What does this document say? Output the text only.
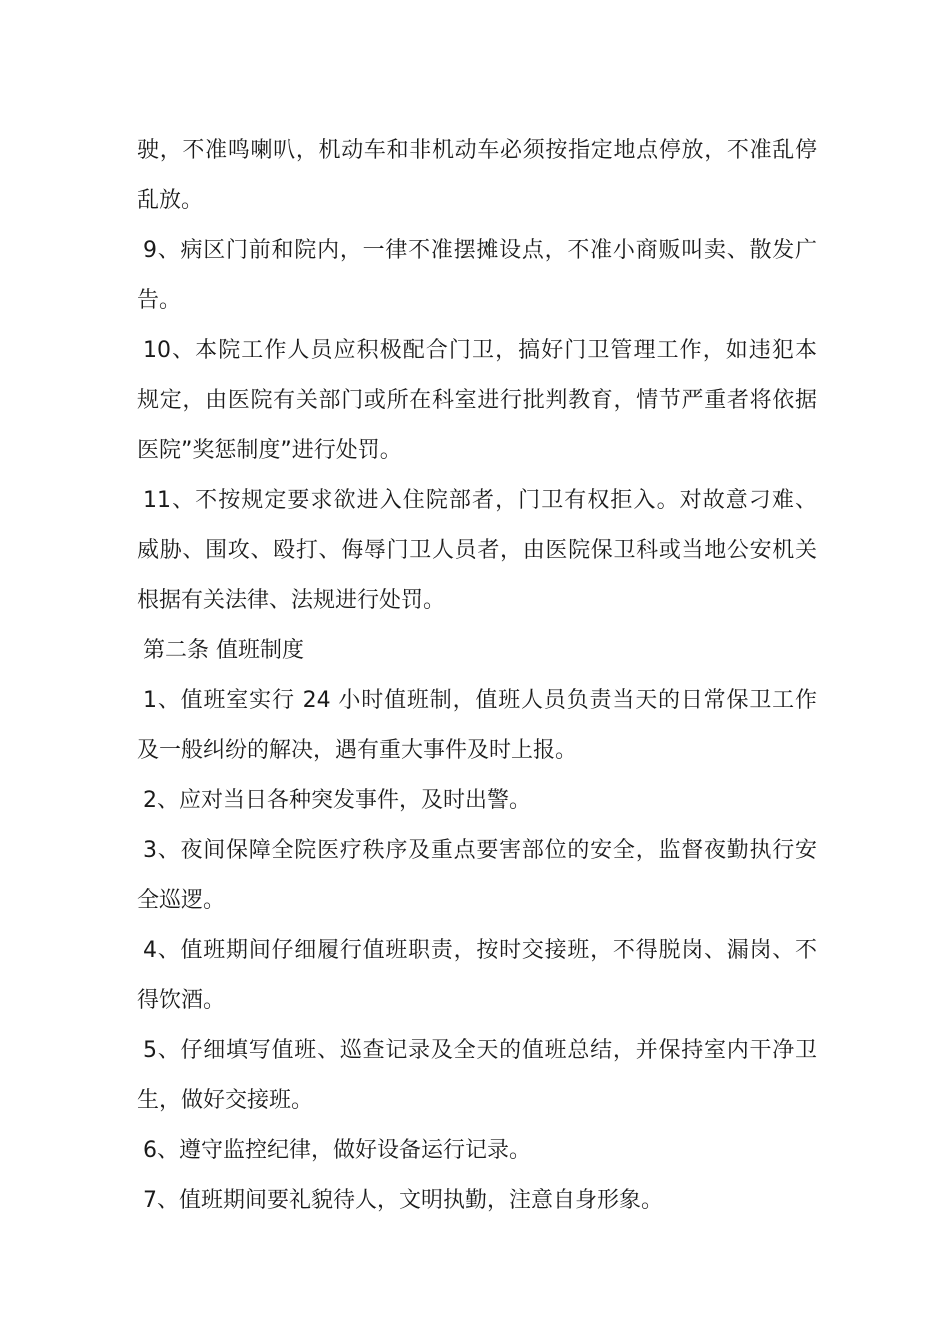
驶，不准鸣喇叭，机动车和非机动车必须按指定地点停放，不准乱停
乱放。
9、病区门前和院内，一律不准摆摊设点，不准小商贩叫卖、散发广
告。
10、本院工作人员应积极配合门卫，搞好门卫管理工作，如违犯本
规定，由医院有关部门或所在科室进行批判教育，情节严重者将依据
医院”奖惩制度”进行处罚。
11、不按规定要求欲进入住院部者，门卫有权拒入。对故意刁难、
威胁、围攻、殴打、侮辱门卫人员者，由医院保卫科或当地公安机关
根据有关法律、法规进行处罚。
第二条 值班制度
1、值班室实行 24 小时值班制，值班人员负责当天的日常保卫工作
及一般纠纷的解决，遇有重大事件及时上报。
2、应对当日各种突发事件，及时出警。
3、夜间保障全院医疗秩序及重点要害部位的安全，监督夜勤执行安
全巡逻。
4、值班期间仔细履行值班职责，按时交接班，不得脱岗、漏岗、不
得饮酒。
5、仔细填写值班、巡查记录及全天的值班总结，并保持室内干净卫
生，做好交接班。
6、遵守监控纪律，做好设备运行记录。
7、值班期间要礼貌待人，文明执勤，注意自身形象。
